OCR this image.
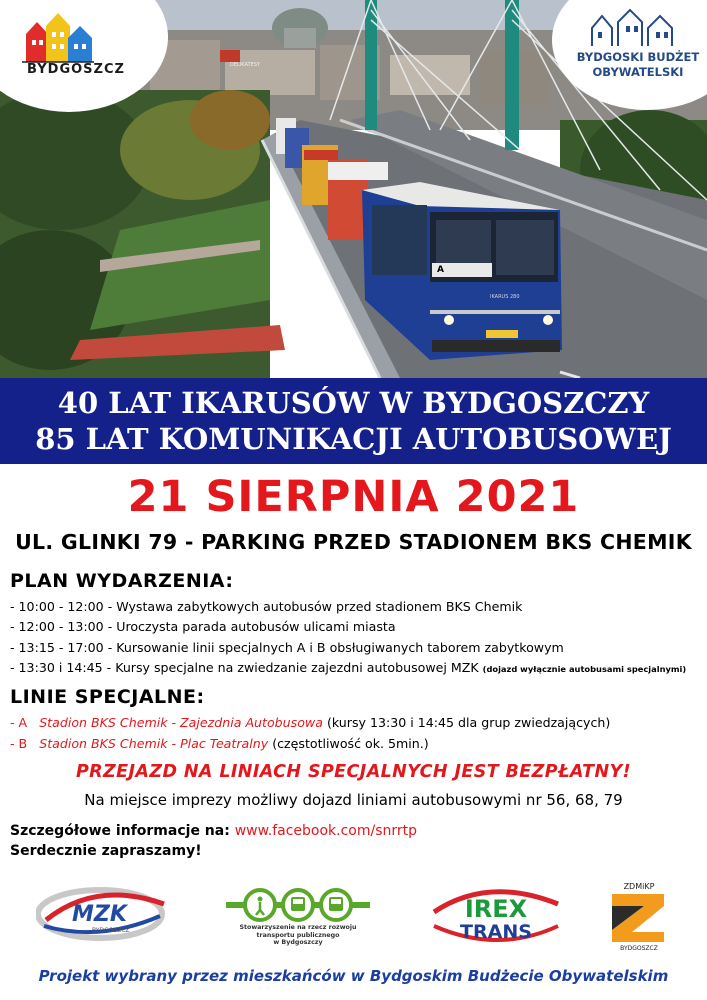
A
IKARUS 280
DELIKATESY
BYDGOSZCZ
BYDGOSKI BUDŻET
OBYWATELSKI
40 LAT IKARUSÓW W BYDGOSZCZY
85 LAT KOMUNIKACJI AUTOBUSOWEJ
21 SIERPNIA 2021
UL. GLINKI 79 - PARKING PRZED STADIONEM BKS CHEMIK
PLAN WYDARZENIA:
- 10:00 - 12:00 - Wystawa zabytkowych autobusów przed stadionem BKS Chemik
- 12:00 - 13:00 - Uroczysta parada autobusów ulicami miasta
- 13:15 - 17:00 - Kursowanie linii specjalnych A i B obsługiwanych taborem zabytkowym
- 13:30 i 14:45 - Kursy specjalne na zwiedzanie zajezdni autobusowej MZK (dojazd wyłącznie autobusami specjalnymi)
LINIE SPECJALNE:
- A Stadion BKS Chemik - Zajezdnia Autobusowa (kursy 13:30 i 14:45 dla grup zwiedzających)
- B Stadion BKS Chemik - Plac Teatralny (częstotliwość ok. 5min.)
PRZEJAZD NA LINIACH SPECJALNYCH JEST BEZPŁATNY!
Na miejsce imprezy możliwy dojazd liniami autobusowymi nr 56, 68, 79
Szczegółowe informacje na: www.facebook.com/snrrtp
Serdecznie zapraszamy!
MZK
BYDGOSZCZ	Stowarzyszenie na rzecz rozwoju
transportu publicznego
w Bydgoszczy
IREX
TRANS
ZDMiKP
BYDGOSZCZ
Projekt wybrany przez mieszkańców w Bydgoskim Budżecie Obywatelskim
